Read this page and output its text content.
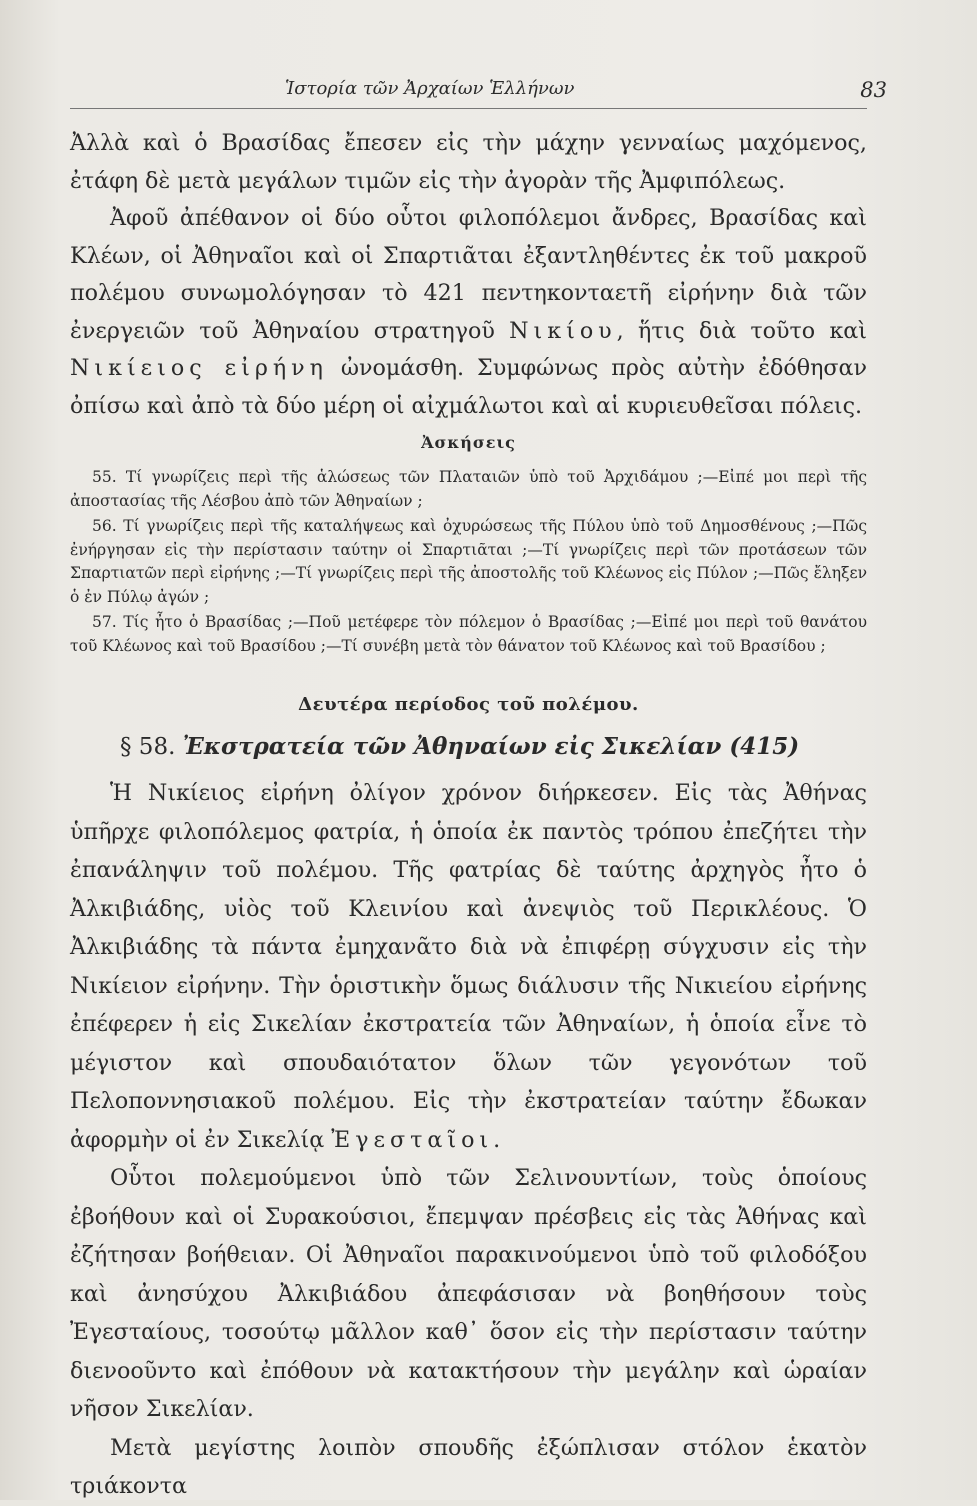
Ἱστορία τῶν Ἀρχαίων Ἑλλήνων	83

Ἀλλὰ καὶ ὁ Βρασίδας ἔπεσεν εἰς τὴν μάχην γενναίως μαχόμενος, ἐτάφη δὲ μετὰ μεγάλων τιμῶν εἰς τὴν ἀγορὰν τῆς Ἀμφιπόλεως.

Ἀφοῦ ἀπέθανον οἱ δύο οὗτοι φιλοπόλεμοι ἄνδρες, Βρασίδας καὶ Κλέων, οἱ Ἀθηναῖοι καὶ οἱ Σπαρτιᾶται ἐξαντληθέντες ἐκ τοῦ μακροῦ πολέμου συνωμολόγησαν τὸ 421 πεντηκονταετῆ εἰρήνην διὰ τῶν ἐνεργειῶν τοῦ Ἀθηναίου στρατηγοῦ Νικίου, ἥτις διὰ τοῦτο καὶ Νικίειος εἰρήνη ὠνομάσθη. Συμφώνως πρὸς αὐτὴν ἐδόθησαν ὀπίσω καὶ ἀπὸ τὰ δύο μέρη οἱ αἰχμάλωτοι καὶ αἱ κυριευθεῖσαι πόλεις.

Ἀσκήσεις

55. Τί γνωρίζεις περὶ τῆς ἁλώσεως τῶν Πλαταιῶν ὑπὸ τοῦ Ἀρχιδάμου ;—Εἰπέ μοι περὶ τῆς ἀποστασίας τῆς Λέσβου ἀπὸ τῶν Ἀθηναίων ;

56. Τί γνωρίζεις περὶ τῆς καταλήψεως καὶ ὀχυρώσεως τῆς Πύλου ὑπὸ τοῦ Δημοσθένους ;—Πῶς ἐνήργησαν εἰς τὴν περίστασιν ταύτην οἱ Σπαρτιᾶται ;—Τί γνωρίζεις περὶ τῶν προτάσεων τῶν Σπαρτιατῶν περὶ εἰρήνης ;—Τί γνωρίζεις περὶ τῆς ἀποστολῆς τοῦ Κλέωνος εἰς Πύλον ;—Πῶς ἔληξεν ὁ ἐν Πύλῳ ἀγών ;

57. Τίς ἦτο ὁ Βρασίδας ;—Ποῦ μετέφερε τὸν πόλεμον ὁ Βρασίδας ;—Εἰπέ μοι περὶ τοῦ θανάτου τοῦ Κλέωνος καὶ τοῦ Βρασίδου ;—Τί συνέβη μετὰ τὸν θάνατον τοῦ Κλέωνος καὶ τοῦ Βρασίδου ;

Δευτέρα περίοδος τοῦ πολέμου.
§ 58. Ἐκστρατεία τῶν Ἀθηναίων εἰς Σικελίαν (415)

Ἡ Νικίειος εἰρήνη ὀλίγον χρόνον διήρκεσεν. Εἰς τὰς Ἀθήνας ὑπῆρχε φιλοπόλεμος φατρία, ἡ ὁποία ἐκ παντὸς τρόπου ἐπεζήτει τὴν ἐπανάληψιν τοῦ πολέμου. Τῆς φατρίας δὲ ταύτης ἀρχηγὸς ἦτο ὁ Ἀλκιβιάδης, υἱὸς τοῦ Κλεινίου καὶ ἀνεψιὸς τοῦ Περικλέους. Ὁ Ἀλκιβιάδης τὰ πάντα ἐμηχανᾶτο διὰ νὰ ἐπιφέρῃ σύγχυσιν εἰς τὴν Νικίειον εἰρήνην. Τὴν ὁριστικὴν ὅμως διάλυσιν τῆς Νικιείου εἰρήνης ἐπέφερεν ἡ εἰς Σικελίαν ἐκστρατεία τῶν Ἀθηναίων, ἡ ὁποία εἶνε τὸ μέγιστον καὶ σπουδαιότατον ὅλων τῶν γεγονότων τοῦ Πελοποννησιακοῦ πολέμου. Εἰς τὴν ἐκστρατείαν ταύτην ἔδωκαν ἀφορμὴν οἱ ἐν Σικελίᾳ Ἐγεσταῖοι.

Οὗτοι πολεμούμενοι ὑπὸ τῶν Σελινουντίων, τοὺς ὁποίους ἐβοήθουν καὶ οἱ Συρακούσιοι, ἔπεμψαν πρέσβεις εἰς τὰς Ἀθήνας καὶ ἐζήτησαν βοήθειαν. Οἱ Ἀθηναῖοι παρακινούμενοι ὑπὸ τοῦ φιλοδόξου καὶ ἀνησύχου Ἀλκιβιάδου ἀπεφάσισαν νὰ βοηθήσουν τοὺς Ἐγεσταίους, τοσούτῳ μᾶλλον καθ᾽ ὅσον εἰς τὴν περίστασιν ταύτην διενοοῦντο καὶ ἐπόθουν νὰ κατακτήσουν τὴν μεγάλην καὶ ὡραίαν νῆσον Σικελίαν.

Μετὰ μεγίστης λοιπὸν σπουδῆς ἐξώπλισαν στόλον ἑκατὸν τριάκοντα
